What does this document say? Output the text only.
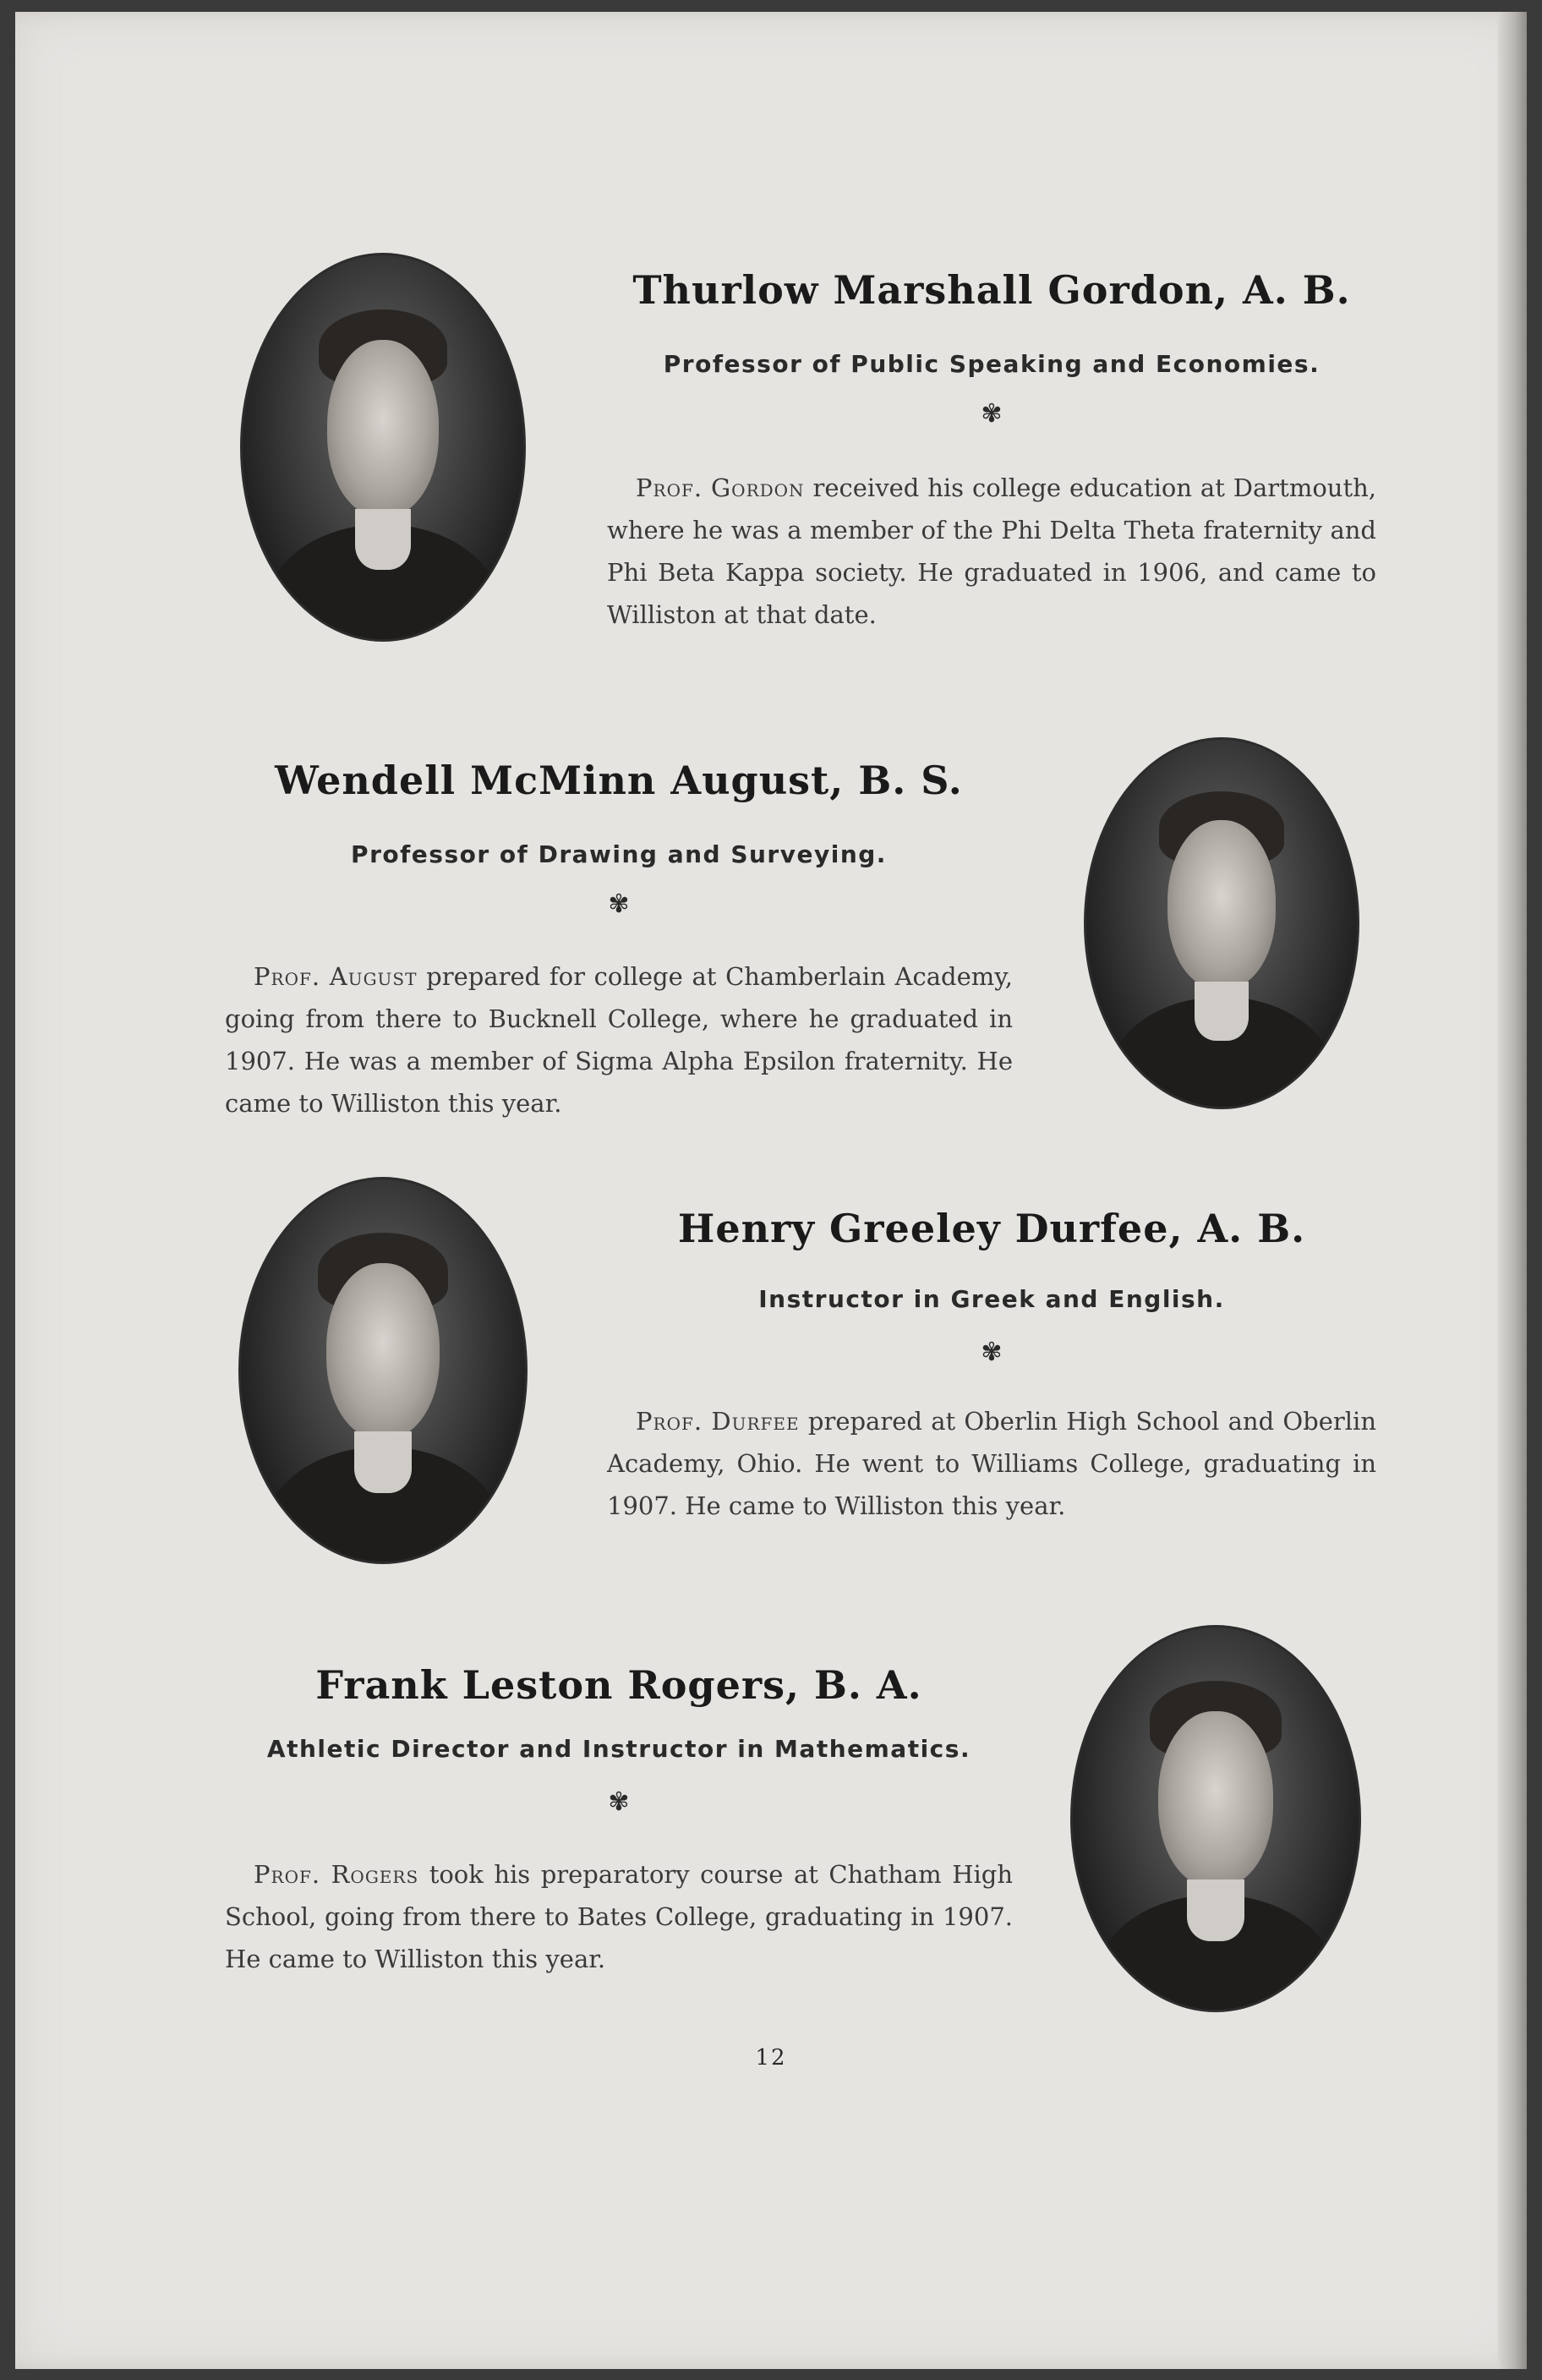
Thurlow Marshall Gordon, A. B.
Professor of Public Speaking and Economies.
✾
Prof. Gordon received his college education at Dartmouth, where he was a member of the Phi Delta Theta fraternity and Phi Beta Kappa society. He graduated in 1906, and came to Williston at that date.
Wendell McMinn August, B. S.
Professor of Drawing and Surveying.
✾
Prof. August prepared for college at Chamberlain Academy, going from there to Bucknell College, where he graduated in 1907. He was a member of Sigma Alpha Epsilon fraternity. He came to Williston this year.
Henry Greeley Durfee, A. B.
Instructor in Greek and English.
✾
Prof. Durfee prepared at Oberlin High School and Oberlin Academy, Ohio. He went to Williams College, graduating in 1907. He came to Williston this year.
Frank Leston Rogers, B. A.
Athletic Director and Instructor in Mathematics.
✾
Prof. Rogers took his preparatory course at Chatham High School, going from there to Bates College, graduating in 1907. He came to Williston this year.
12
